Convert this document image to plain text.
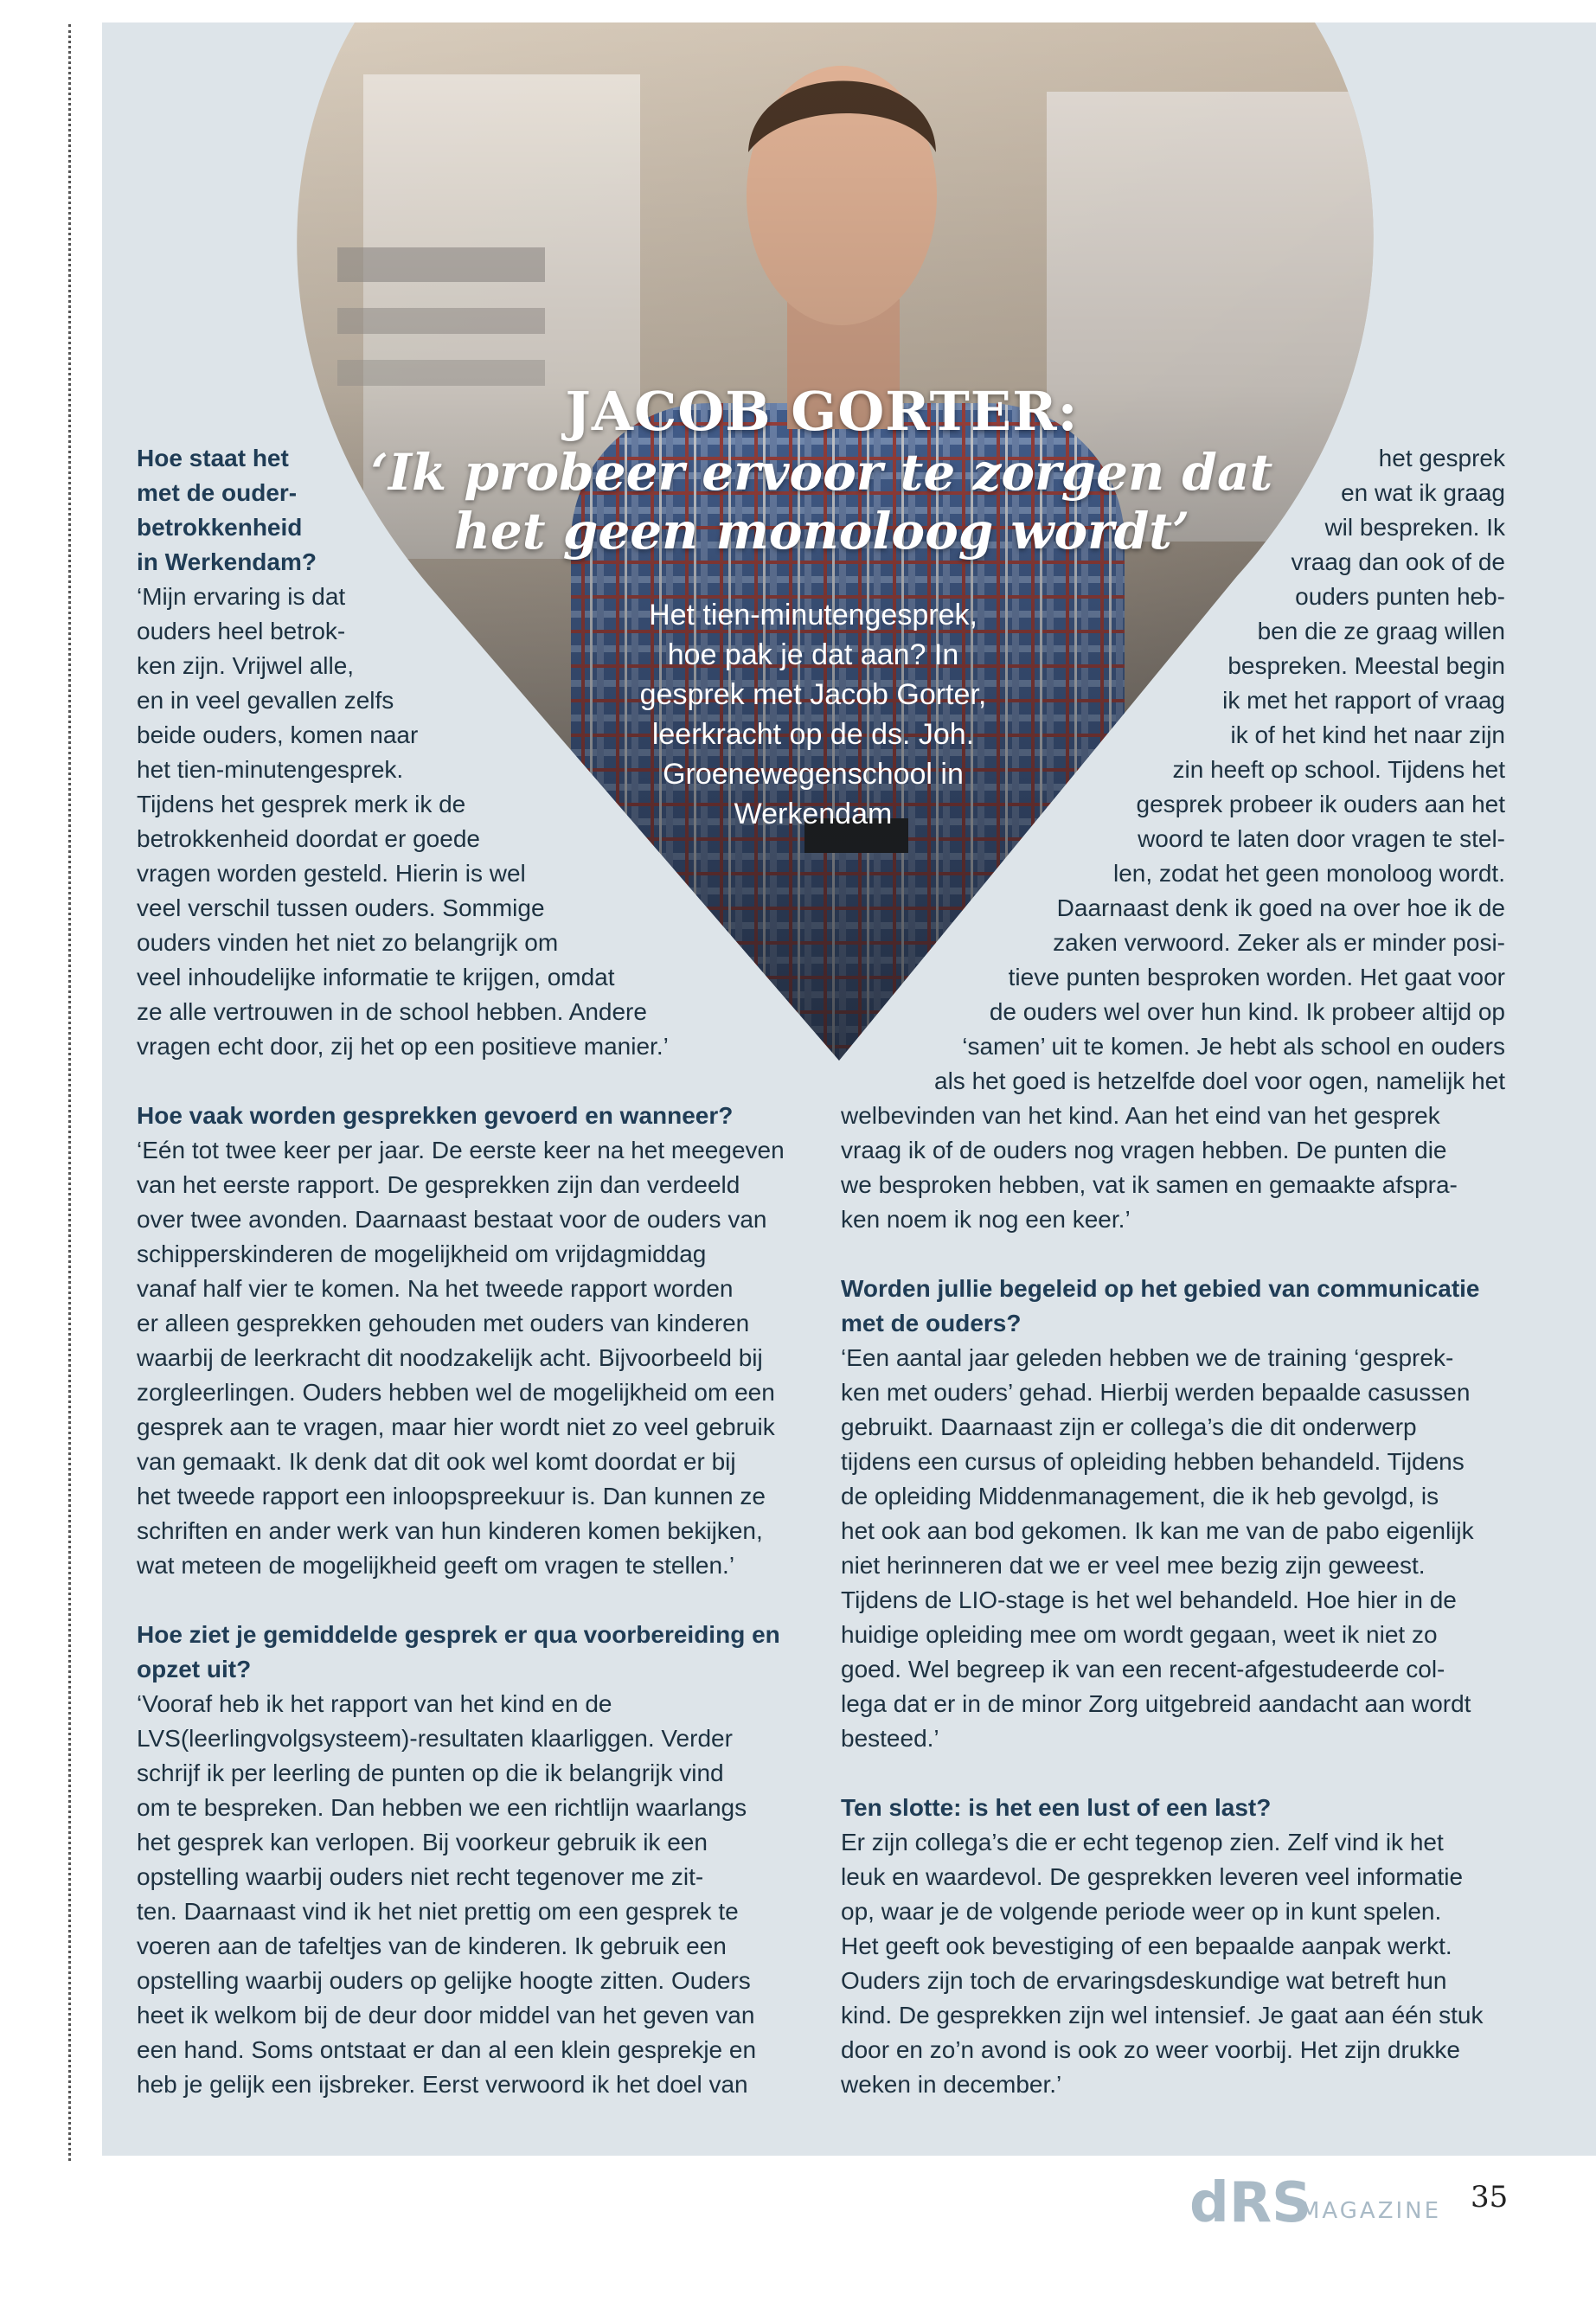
JACOB GORTER:
‘Ik probeer ervoor te zorgen dat
het geen monoloog wordt’
Het tien-minutengesprek,
hoe pak je dat aan? In
gesprek met Jacob Gorter,
leerkracht op de ds. Joh.
Groenewegenschool in
Werkendam

Hoe staat het

met de ouder-

betrokkenheid

in Werkendam?

‘Mijn ervaring is dat

ouders heel betrok-

ken zijn. Vrijwel alle,

en in veel gevallen zelfs

beide ouders, komen naar

het tien-minutengesprek.

Tijdens het gesprek merk ik de

betrokkenheid doordat er goede

vragen worden gesteld. Hierin is wel

veel verschil tussen ouders. Sommige

ouders vinden het niet zo belangrijk om

veel inhoudelijke informatie te krijgen, omdat

ze alle vertrouwen in de school hebben. Andere

vragen echt door, zij het op een positieve manier.’

Hoe vaak worden gesprekken gevoerd en wanneer?

‘Eén tot twee keer per jaar. De eerste keer na het meegeven

van het eerste rapport. De gesprekken zijn dan verdeeld

over twee avonden. Daarnaast bestaat voor de ouders van

schipperskinderen de mogelijkheid om vrijdagmiddag

vanaf half vier te komen. Na het tweede rapport worden

er alleen gesprekken gehouden met ouders van kinderen

waarbij de leerkracht dit noodzakelijk acht. Bijvoorbeeld bij

zorgleerlingen. Ouders hebben wel de mogelijkheid om een

gesprek aan te vragen, maar hier wordt niet zo veel gebruik

van gemaakt. Ik denk dat dit ook wel komt doordat er bij

het tweede rapport een inloopspreekuur is. Dan kunnen ze

schriften en ander werk van hun kinderen komen bekijken,

wat meteen de mogelijkheid geeft om vragen te stellen.’

Hoe ziet je gemiddelde gesprek er qua voorbereiding en

opzet uit?

‘Vooraf heb ik het rapport van het kind en de

LVS(leerlingvolgsysteem)-resultaten klaarliggen. Verder

schrijf ik per leerling de punten op die ik belangrijk vind

om te bespreken. Dan hebben we een richtlijn waarlangs

het gesprek kan verlopen. Bij voorkeur gebruik ik een

opstelling waarbij ouders niet recht tegenover me zit-

ten. Daarnaast vind ik het niet prettig om een gesprek te

voeren aan de tafeltjes van de kinderen. Ik gebruik een

opstelling waarbij ouders op gelijke hoogte zitten. Ouders

heet ik welkom bij de deur door middel van het geven van

een hand. Soms ontstaat er dan al een klein gesprekje en

heb je gelijk een ijsbreker. Eerst verwoord ik het doel van

het gesprek

en wat ik graag

wil bespreken. Ik

vraag dan ook of de

ouders punten heb-

ben die ze graag willen

bespreken. Meestal begin

ik met het rapport of vraag

ik of het kind het naar zijn

zin heeft op school. Tijdens het

gesprek probeer ik ouders aan het

woord te laten door vragen te stel-

len, zodat het geen monoloog wordt.

Daarnaast denk ik goed na over hoe ik de

zaken verwoord. Zeker als er minder posi-

tieve punten besproken worden. Het gaat voor

de ouders wel over hun kind. Ik probeer altijd op

‘samen’ uit te komen. Je hebt als school en ouders

als het goed is hetzelfde doel voor ogen, namelijk het

welbevinden van het kind. Aan het eind van het gesprek

vraag ik of de ouders nog vragen hebben. De punten die

we besproken hebben, vat ik samen en gemaakte afspra-

ken noem ik nog een keer.’

Worden jullie begeleid op het gebied van communicatie

met de ouders?

‘Een aantal jaar geleden hebben we de training ‘gesprek-

ken met ouders’ gehad. Hierbij werden bepaalde casussen

gebruikt. Daarnaast zijn er collega’s die dit onderwerp

tijdens een cursus of opleiding hebben behandeld. Tijdens

de opleiding Middenmanagement, die ik heb gevolgd, is

het ook aan bod gekomen. Ik kan me van de pabo eigenlijk

niet herinneren dat we er veel mee bezig zijn geweest.

Tijdens de LIO-stage is het wel behandeld. Hoe hier in de

huidige opleiding mee om wordt gegaan, weet ik niet zo

goed. Wel begreep ik van een recent-afgestudeerde col-

lega dat er in de minor Zorg uitgebreid aandacht aan wordt

besteed.’

Ten slotte: is het een lust of een last?

Er zijn collega’s die er echt tegenop zien. Zelf vind ik het

leuk en waardevol. De gesprekken leveren veel informatie

op, waar je de volgende periode weer op in kunt spelen.

Het geeft ook bevestiging of een bepaalde aanpak werkt.

Ouders zijn toch de ervaringsdeskundige wat betreft hun

kind. De gesprekken zijn wel intensief. Je gaat aan één stuk

door en zo’n avond is ook zo weer voorbij. Het zijn drukke

weken in december.’

dRS
MAGAZINE 35
